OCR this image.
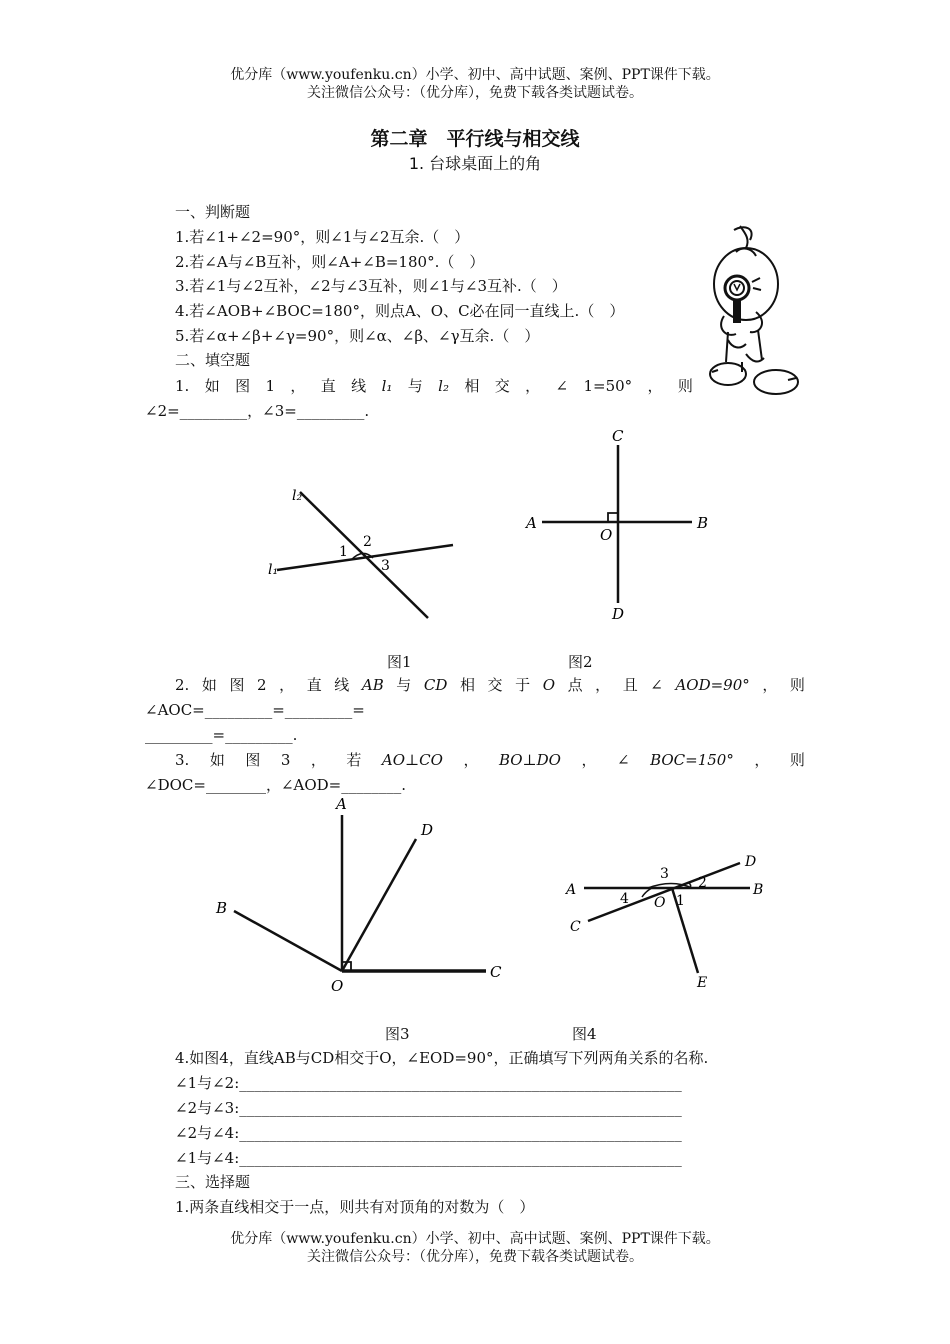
优分库（www.youfenku.cn）小学、初中、高中试题、案例、PPT课件下载。
关注微信公众号：（优分库），免费下载各类试题试卷。
第二章　平行线与相交线
1. 台球桌面上的角
一、判断题
1.若∠1+∠2=90°，则∠1与∠2互余.（　）
2.若∠A与∠B互补，则∠A+∠B=180°.（　）
3.若∠1与∠2互补，∠2与∠3互补，则∠1与∠3互补.（　）
4.若∠AOB+∠BOC=180°，则点A、O、C必在同一直线上.（　）
5.若∠α+∠β+∠γ=90°，则∠α、∠β、∠γ互余.（　）
二、填空题
1. 如 图 1 ， 直 线 l₁ 与 l₂ 相 交 ， ∠ 1=50° ， 则
∠2=_________，∠3=_________.
l₂
l₁
1
2
3
C
A
O
B
D
图1	图2
2. 如 图 2 ， 直 线 AB 与 CD 相 交 于 O 点 ， 且 ∠ AOD=90° ， 则
∠AOC=_________=_________=
_________=_________.
3. 如 图 3 ， 若 AO⊥CO ， BO⊥DO ， ∠ BOC=150° ， 则
∠DOC=________，∠AOD=________.
A
D
B
O
C
D
3
2
A	B
4 O 1
C
E
图3	图4
4.如图4，直线AB与CD相交于O，∠EOD=90°，正确填写下列两角关系的名称.
∠1与∠2:___________________________________________________________
∠2与∠3:___________________________________________________________
∠2与∠4:___________________________________________________________
∠1与∠4:___________________________________________________________
三、选择题
1.两条直线相交于一点，则共有对顶角的对数为（　）
优分库（www.youfenku.cn）小学、初中、高中试题、案例、PPT课件下载。
关注微信公众号：（优分库），免费下载各类试题试卷。
